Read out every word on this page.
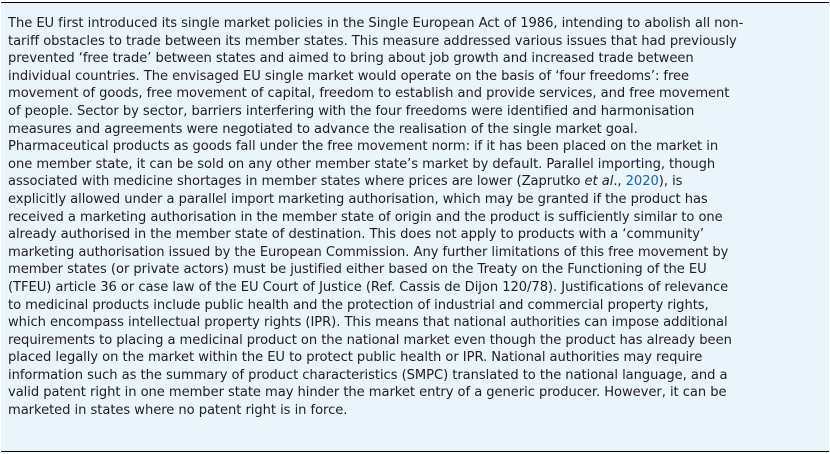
The EU first introduced its single market policies in the Single European Act of 1986, intending to abolish all non-
tariff obstacles to trade between its member states. This measure addressed various issues that had previously
prevented ‘free trade’ between states and aimed to bring about job growth and increased trade between
individual countries. The envisaged EU single market would operate on the basis of ‘four freedoms’: free
movement of goods, free movement of capital, freedom to establish and provide services, and free movement
of people. Sector by sector, barriers interfering with the four freedoms were identified and harmonisation
measures and agreements were negotiated to advance the realisation of the single market goal.
Pharmaceutical products as goods fall under the free movement norm: if it has been placed on the market in
one member state, it can be sold on any other member state’s market by default. Parallel importing, though
associated with medicine shortages in member states where prices are lower (Zaprutko et al., 2020), is
explicitly allowed under a parallel import marketing authorisation, which may be granted if the product has
received a marketing authorisation in the member state of origin and the product is sufficiently similar to one
already authorised in the member state of destination. This does not apply to products with a ‘community’
marketing authorisation issued by the European Commission. Any further limitations of this free movement by
member states (or private actors) must be justified either based on the Treaty on the Functioning of the EU
(TFEU) article 36 or case law of the EU Court of Justice (Ref. Cassis de Dijon 120/78). Justifications of relevance
to medicinal products include public health and the protection of industrial and commercial property rights,
which encompass intellectual property rights (IPR). This means that national authorities can impose additional
requirements to placing a medicinal product on the national market even though the product has already been
placed legally on the market within the EU to protect public health or IPR. National authorities may require
information such as the summary of product characteristics (SMPC) translated to the national language, and a
valid patent right in one member state may hinder the market entry of a generic producer. However, it can be
marketed in states where no patent right is in force.
